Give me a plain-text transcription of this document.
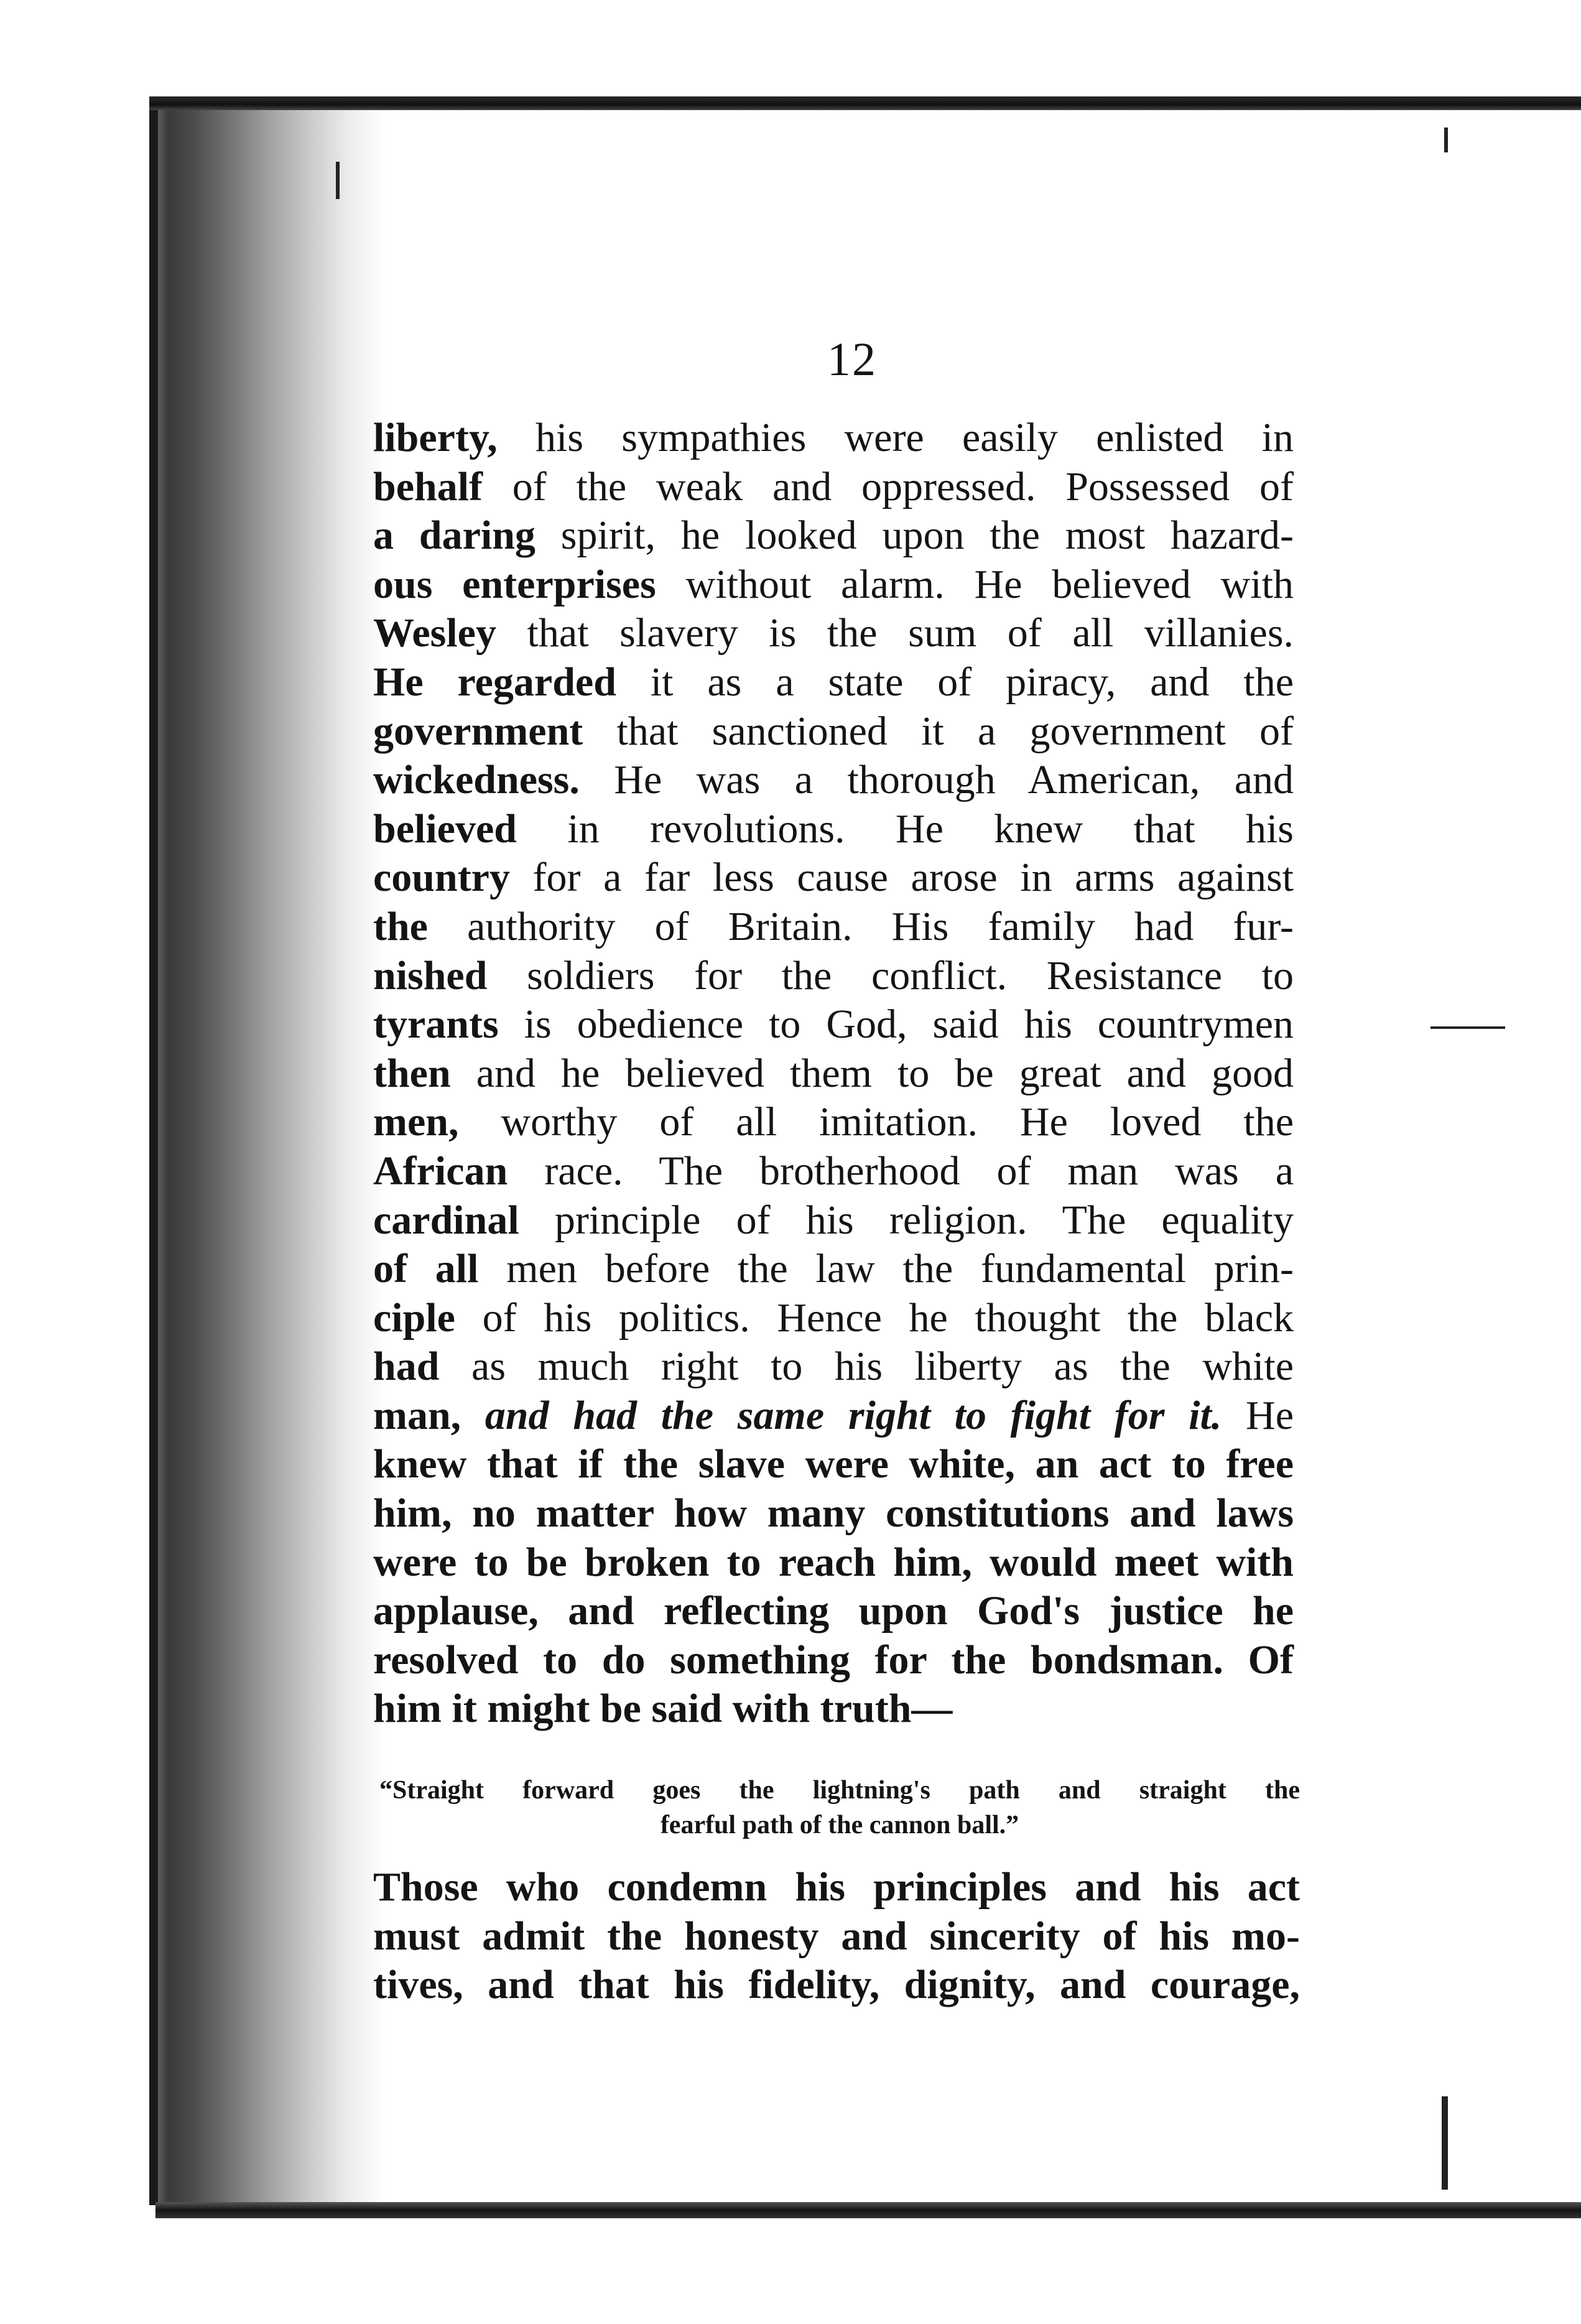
12
liberty, his sympathies were easily enlisted in
behalf of the weak and oppressed. Possessed of
a daring spirit, he looked upon the most hazard-
ous enterprises without alarm. He believed with
Wesley that slavery is the sum of all villanies.
He regarded it as a state of piracy, and the
government that sanctioned it a government of
wickedness. He was a thorough American, and
believed in revolutions. He knew that his
country for a far less cause arose in arms against
the authority of Britain. His family had fur-
nished soldiers for the conflict. Resistance to
tyrants is obedience to God, said his countrymen
then and he believed them to be great and good
men, worthy of all imitation. He loved the
African race. The brotherhood of man was a
cardinal principle of his religion. The equality
of all men before the law the fundamental prin-
ciple of his politics. Hence he thought the black
had as much right to his liberty as the white
man, and had the same right to fight for it. He
knew that if the slave were white, an act to free
him, no matter how many constitutions and laws
were to be broken to reach him, would meet with
applause, and reflecting upon God's justice he
resolved to do something for the bondsman. Of
him it might be said with truth—
“Straight forward goes the lightning's path and straight the
fearful path of the cannon ball.”
Those who condemn his principles and his act
must admit the honesty and sincerity of his mo-
tives, and that his fidelity, dignity, and courage,
